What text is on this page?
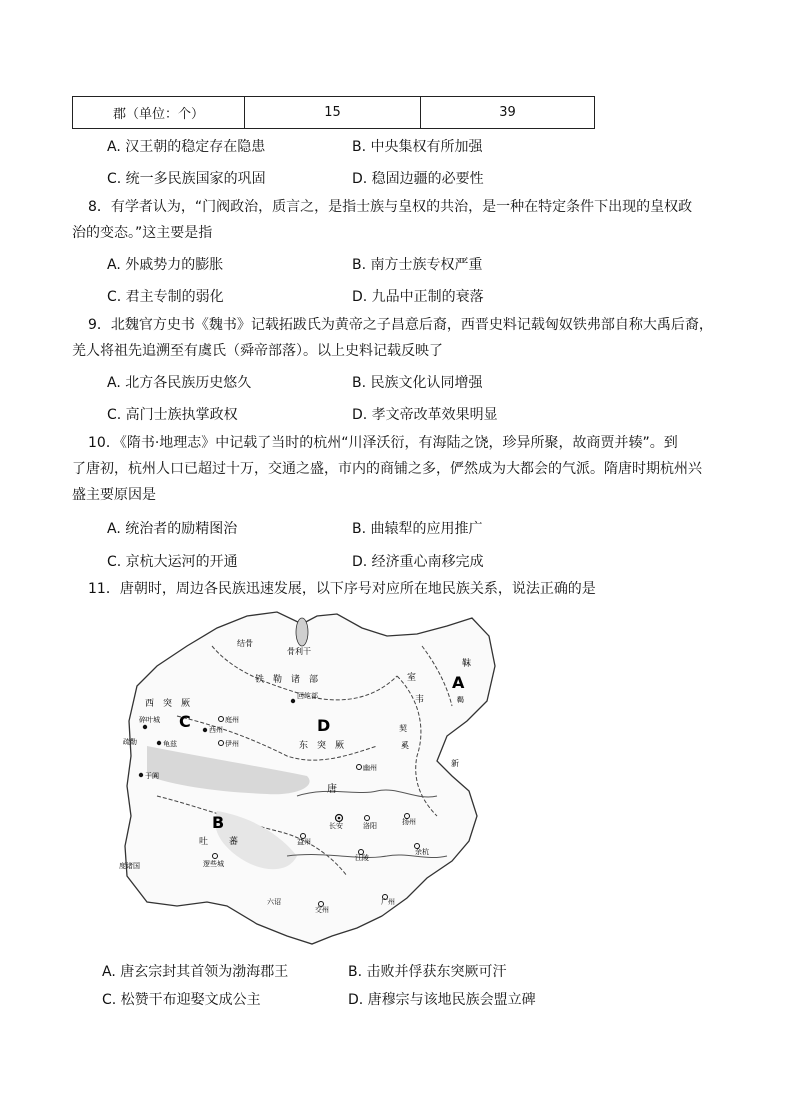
郡（单位：个）	15	39
A. 汉王朝的稳定存在隐患	B. 中央集权有所加强
C. 统一多民族国家的巩固	D. 稳固边疆的必要性
8．有学者认为，“门阀政治，质言之，是指士族与皇权的共治，是一种在特定条件下出现的皇权政
治的变态。”这主要是指
A. 外戚势力的膨胀	B. 南方士族专权严重
C. 君主专制的弱化	D. 九品中正制的衰落
9．北魏官方史书《魏书》记载拓跋氏为黄帝之子昌意后裔，西晋史料记载匈奴铁弗部自称大禹后裔，
羌人将祖先追溯至有虞氏（舜帝部落）。以上史料记载反映了
A. 北方各民族历史悠久	B. 民族文化认同增强
C. 高门士族执掌政权	D. 孝文帝改革效果明显
10．《隋书·地理志》中记载了当时的杭州“川泽沃衍，有海陆之饶，珍异所聚，故商贾并辏”。到
了唐初，杭州人口已超过十万，交通之盛，市内的商铺之多，俨然成为大都会的气派。隋唐时期杭州兴
盛主要原因是
A. 统治者的励精图治	B. 曲辕犁的应用推广
C. 京杭大运河的开通	D. 经济重心南移完成
11．唐朝时，周边各民族迅速发展，以下序号对应所在地民族关系，说法正确的是
A
B
C	D
结骨
骨利干
铁　勒　诸　部
回纥部
室
韦
靺
鞨
西　突　厥
碎叶城	庭州
西州
伊州
疏勒	龟兹
于阗
东　突　厥
契
奚
幽州	新
唐
长安	洛阳	扬州
吐 蕃
逻些城
益州
江陵
余杭
广州
交州
六诏
度诸国
A. 唐玄宗封其首领为渤海郡王	B. 击败并俘获东突厥可汗
C. 松赞干布迎娶文成公主	D. 唐穆宗与该地民族会盟立碑
